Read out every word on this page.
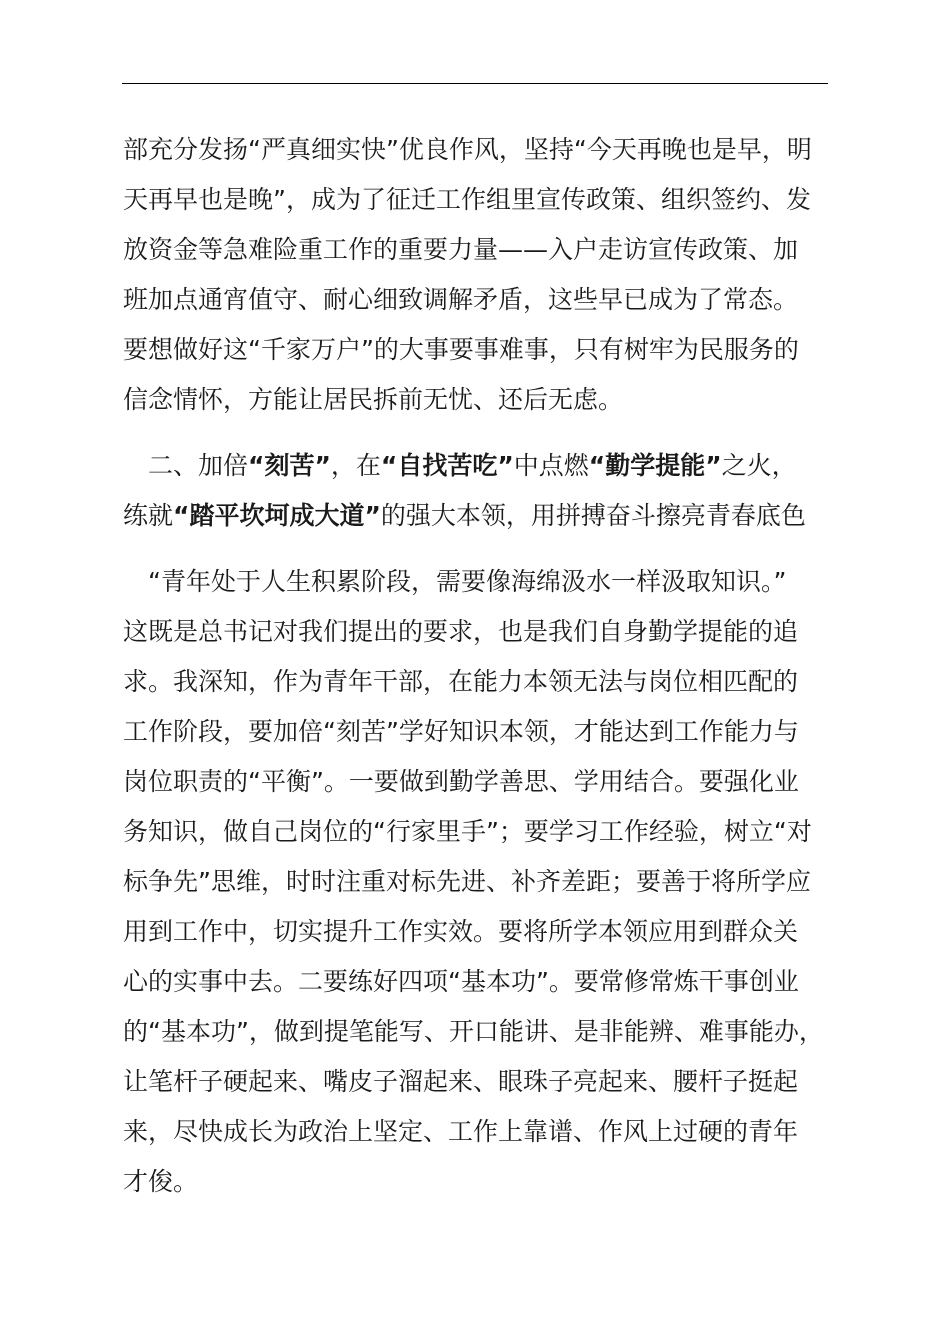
部充分发扬“严真细实快”优良作风，坚持“今天再晚也是早，明
天再早也是晚”，成为了征迁工作组里宣传政策、组织签约、发
放资金等急难险重工作的重要力量——入户走访宣传政策、加
班加点通宵值守、耐心细致调解矛盾，这些早已成为了常态。
要想做好这“千家万户”的大事要事难事，只有树牢为民服务的
信念情怀，方能让居民拆前无忧、还后无虑。
　二、加倍“刻苦”，在“自找苦吃”中点燃“勤学提能”之火，
练就“踏平坎坷成大道”的强大本领，用拼搏奋斗擦亮青春底色
　“青年处于人生积累阶段，需要像海绵汲水一样汲取知识。”
这既是总书记对我们提出的要求，也是我们自身勤学提能的追
求。我深知，作为青年干部，在能力本领无法与岗位相匹配的
工作阶段，要加倍“刻苦”学好知识本领，才能达到工作能力与
岗位职责的“平衡”。一要做到勤学善思、学用结合。要强化业
务知识，做自己岗位的“行家里手”；要学习工作经验，树立“对
标争先”思维，时时注重对标先进、补齐差距；要善于将所学应
用到工作中，切实提升工作实效。要将所学本领应用到群众关
心的实事中去。二要练好四项“基本功”。要常修常炼干事创业
的“基本功”，做到提笔能写、开口能讲、是非能辨、难事能办，
让笔杆子硬起来、嘴皮子溜起来、眼珠子亮起来、腰杆子挺起
来，尽快成长为政治上坚定、工作上靠谱、作风上过硬的青年
才俊。
